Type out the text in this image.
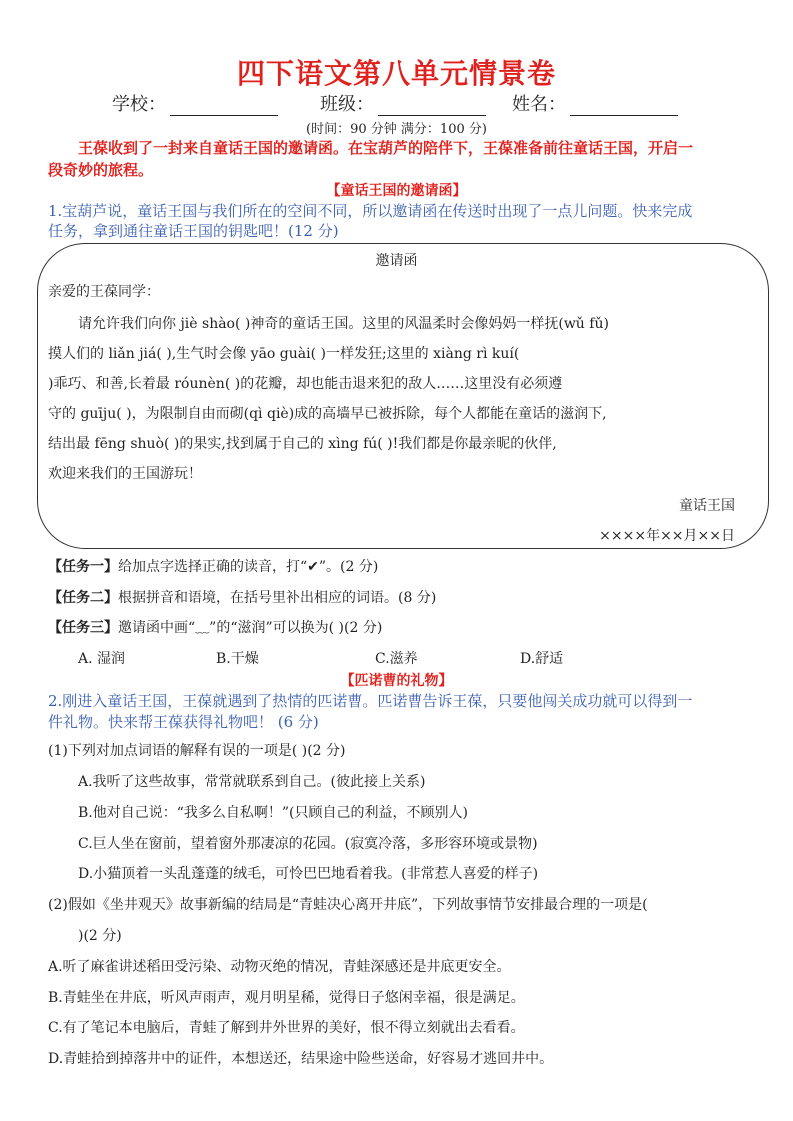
四下语文第八单元情景卷
学校：	班级：	姓名：
(时间：90 分钟 满分：100 分)
王葆收到了一封来自童话王国的邀请函。在宝葫芦的陪伴下，王葆准备前往童话王国，开启一
段奇妙的旅程。
【童话王国的邀请函】
1.宝葫芦说，童话王国与我们所在的空间不同，所以邀请函在传送时出现了一点儿问题。快来完成
任务，拿到通往童话王国的钥匙吧！(12 分)
邀请函
亲爱的王葆同学：
请允许我们向你 jiè shào( )神奇的童话王国。这里的风温柔时会像妈妈一样抚(wǔ fǔ)
摸人们的 liǎn jiá( ),生气时会像 yāo guài( )一样发狂;这里的 xiàng rì kuí(
)乖巧、和善,长着最 róunèn( )的花瓣，却也能击退来犯的敌人……这里没有必须遵
守的 guīju( )，为限制自由而砌(qì qiè)成的高墙早已被拆除，每个人都能在童话的滋润下,
结出最 fēng shuò( )的果实,找到属于自己的 xìng fú( )!我们都是你最亲昵的伙伴,
欢迎来我们的王国游玩！
童话王国
××××年××月××日
【任务一】给加点字选择正确的读音，打“✔”。(2 分)
【任务二】根据拼音和语境，在括号里补出相应的词语。(8 分)
【任务三】邀请函中画“﹏”的“滋润”可以换为( )(2 分)
A. 湿润	B.干燥	C.滋养	D.舒适
【匹诺曹的礼物】
2.刚进入童话王国，王葆就遇到了热情的匹诺曹。匹诺曹告诉王葆，只要他闯关成功就可以得到一
件礼物。快来帮王葆获得礼物吧！ (6 分)
(1)下列对加点词语的解释有误的一项是( )(2 分)
A.我听了这些故事，常常就联系到自己。(彼此接上关系)
B.他对自己说：“我多么自私啊！”(只顾自己的利益，不顾别人)
C.巨人坐在窗前，望着窗外那凄凉的花园。(寂寞冷落，多形容环境或景物)
D.小猫顶着一头乱蓬蓬的绒毛，可怜巴巴地看着我。(非常惹人喜爱的样子)
(2)假如《坐井观天》故事新编的结局是“青蛙决心离开井底”，下列故事情节安排最合理的一项是(
)(2 分)
A.听了麻雀讲述稻田受污染、动物灭绝的情况，青蛙深感还是井底更安全。
B.青蛙坐在井底，听风声雨声，观月明星稀，觉得日子悠闲幸福，很是满足。
C.有了笔记本电脑后，青蛙了解到井外世界的美好，恨不得立刻就出去看看。
D.青蛙拾到掉落井中的证件，本想送还，结果途中险些送命，好容易才逃回井中。
